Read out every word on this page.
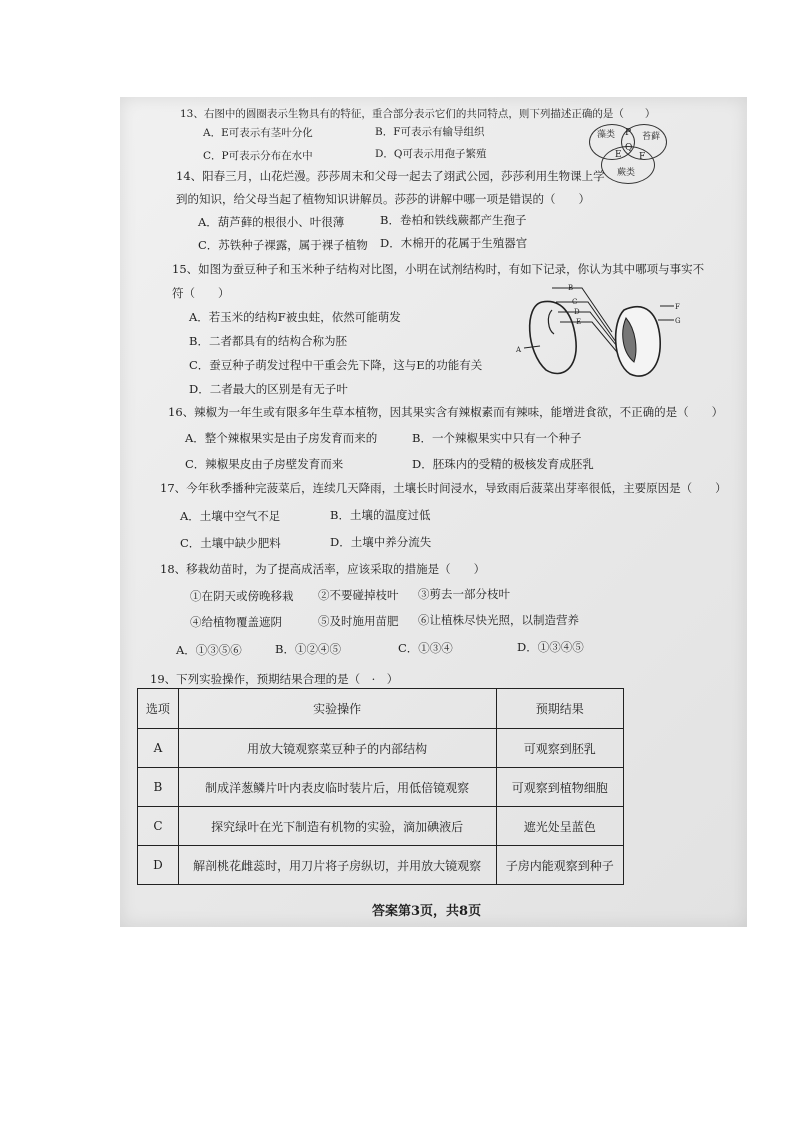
13、右图中的圆圈表示生物具有的特征，重合部分表示它们的共同特点，则下列描述正确的是（　　）
A．E可表示有茎叶分化	B．F可表示有输导组织
C．P可表示分布在水中	D．Q可表示用孢子繁殖
藻类	苔藓
蕨类
P
Q
E F
14、阳春三月，山花烂漫。莎莎周末和父母一起去了翊武公园，莎莎利用生物课上学
到的知识，给父母当起了植物知识讲解员。莎莎的讲解中哪一项是错误的（　　）
A．葫芦藓的根很小、叶很薄	B．卷柏和铁线蕨都产生孢子
C．苏铁种子裸露，属于裸子植物 D．木棉开的花属于生殖器官
15、如图为蚕豆种子和玉米种子结构对比图，小明在试剂结构时，有如下记录，你认为其中哪项与事实不
符（　　）
A．若玉米的结构F被虫蛀，依然可能萌发
B．二者都具有的结构合称为胚
C．蚕豆种子萌发过程中干重会先下降，这与E的功能有关
D．二者最大的区别是有无子叶
B
C
D
E
A
F
G
16、辣椒为一年生或有限多年生草本植物，因其果实含有辣椒素而有辣味，能增进食欲，不正确的是（　　）
A．整个辣椒果实是由子房发育而来的	B．一个辣椒果实中只有一个种子
C．辣椒果皮由子房壁发育而来	D．胚珠内的受精的极核发育成胚乳
17、今年秋季播种完菠菜后，连续几天降雨，土壤长时间浸水，导致雨后菠菜出芽率很低，主要原因是（　　）
A．土壤中空气不足	B．土壤的温度过低
C．土壤中缺少肥料	D．土壤中养分流失
18、移栽幼苗时，为了提高成活率，应该采取的措施是（　　）
①在阴天或傍晚移栽 ②不要碰掉枝叶 ③剪去一部分枝叶
④给植物覆盖遮阴	⑤及时施用苗肥 ⑥让植株尽快光照，以制造营养
A．①③⑤⑥	B．①②④⑤	C．①③④	D．①③④⑤
19、下列实验操作，预期结果合理的是（　·　）
选项	实验操作	预期结果
A	用放大镜观察菜豆种子的内部结构	可观察到胚乳
B	制成洋葱鳞片叶内表皮临时装片后，用低倍镜观察	可观察到植物细胞
C	探究绿叶在光下制造有机物的实验，滴加碘液后	遮光处呈蓝色
D	解剖桃花雌蕊时，用刀片将子房纵切，并用放大镜观察	子房内能观察到种子
答案第3页，共8页
